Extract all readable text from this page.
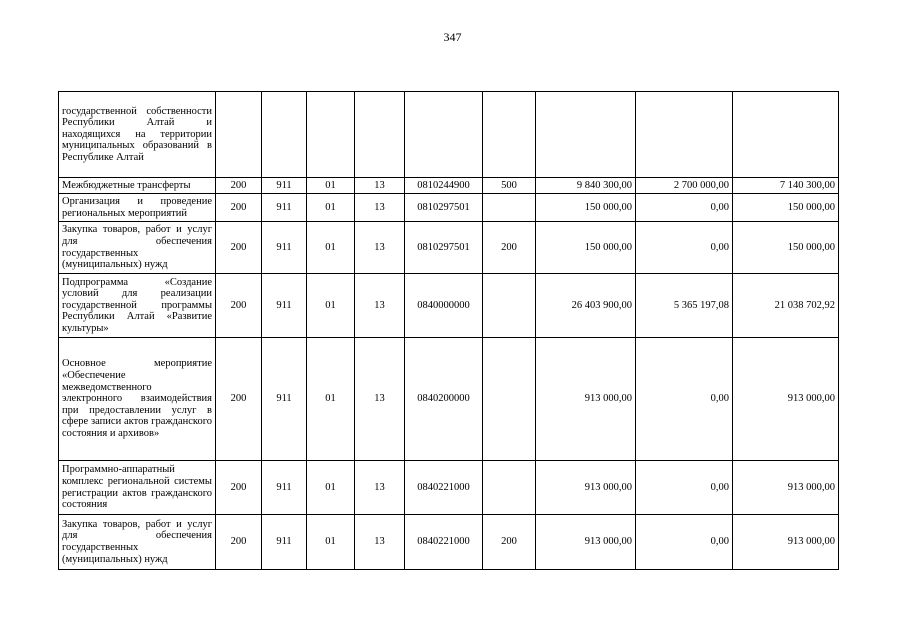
347
государственной собственности Республики Алтай и находящихся на территории муниципальных образований в Республике Алтай									
Межбюджетные трансферты	200	911	01	13	0810244900	500	9 840 300,00	2 700 000,00	7 140 300,00
Организация и проведение региональных мероприятий	200	911	01	13	0810297501		150 000,00	0,00	150 000,00
Закупка товаров, работ и услуг для обеспечения государственных (муниципальных) нужд	200	911	01	13	0810297501	200	150 000,00	0,00	150 000,00
Подпрограмма «Создание условий для реализации государственной программы Республики Алтай «Развитие культуры»	200	911	01	13	0840000000		26 403 900,00	5 365 197,08	21 038 702,92
Основное мероприятие «Обеспечение межведомственного электронного взаимодействия при предоставлении услуг в сфере записи актов гражданского состояния и архивов»	200	911	01	13	0840200000		913 000,00	0,00	913 000,00
Программно-аппаратный комплекс региональной системы регистрации актов гражданского состояния	200	911	01	13	0840221000		913 000,00	0,00	913 000,00
Закупка товаров, работ и услуг для обеспечения государственных (муниципальных) нужд	200	911	01	13	0840221000	200	913 000,00	0,00	913 000,00
